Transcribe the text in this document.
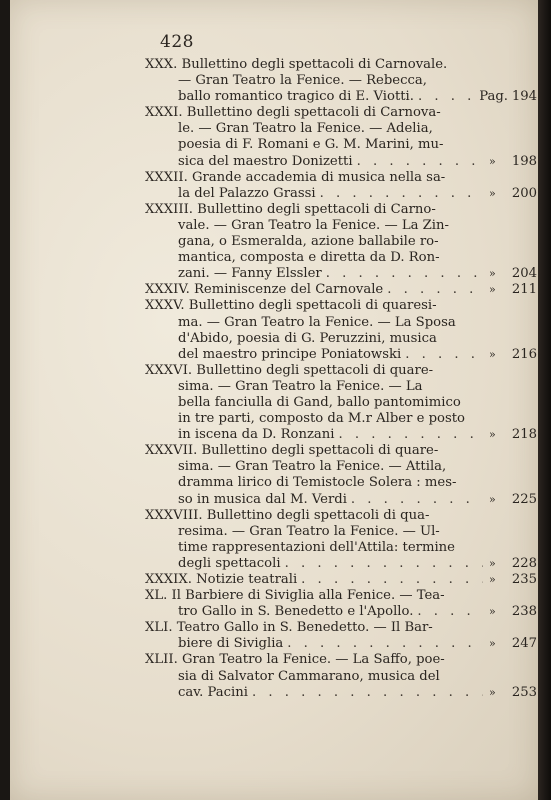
428
XXX. Bullettino degli spettacoli di Carnovale.
— Gran Teatro la Fenice. — Rebecca,
ballo romantico tragico di E. Viotti. . . .	Pag. 194
XXXI. Bullettino degli spettacoli di Carnova-
le. — Gran Teatro la Fenice. — Adelia,
poesia di F. Romani e G. M. Marini, mu-
sica del maestro Donizetti . . .	»	198
XXXII. Grande accademia di musica nella sa-
la del Palazzo Grassi . . .	»	200
XXXIII. Bullettino degli spettacoli di Carno-
vale. — Gran Teatro la Fenice. — La Zin-
gana, o Esmeralda, azione ballabile ro-
mantica, composta e diretta da D. Ron-
zani. — Fanny Elssler . . .	»	204
XXXIV. Reminiscenze del Carnovale . . .	»	211
XXXV. Bullettino degli spettacoli di quaresi-
ma. — Gran Teatro la Fenice. — La Sposa
d'Abido, poesia di G. Peruzzini, musica
del maestro principe Poniatowski . . .	»	216
XXXVI. Bullettino degli spettacoli di quare-
sima. — Gran Teatro la Fenice. — La
bella fanciulla di Gand, ballo pantomimico
in tre parti, composto da M.r Alber e posto
in iscena da D. Ronzani . . .	»	218
XXXVII. Bullettino degli spettacoli di quare-
sima. — Gran Teatro la Fenice. — Attila,
dramma lirico di Temistocle Solera : mes-
so in musica dal M. Verdi . . .	»	225
XXXVIII. Bullettino degli spettacoli di qua-
resima. — Gran Teatro la Fenice. — Ul-
time rappresentazioni dell'Attila: termine
degli spettacoli . . .	»	228
XXXIX. Notizie teatrali . . .	»	235
XL. Il Barbiere di Siviglia alla Fenice. — Tea-
tro Gallo in S. Benedetto e l'Apollo. . . .	»	238
XLI. Teatro Gallo in S. Benedetto. — Il Bar-
biere di Siviglia . . .	»	247
XLII. Gran Teatro la Fenice. — La Saffo, poe-
sia di Salvator Cammarano, musica del
cav. Pacini . . .	»	253
